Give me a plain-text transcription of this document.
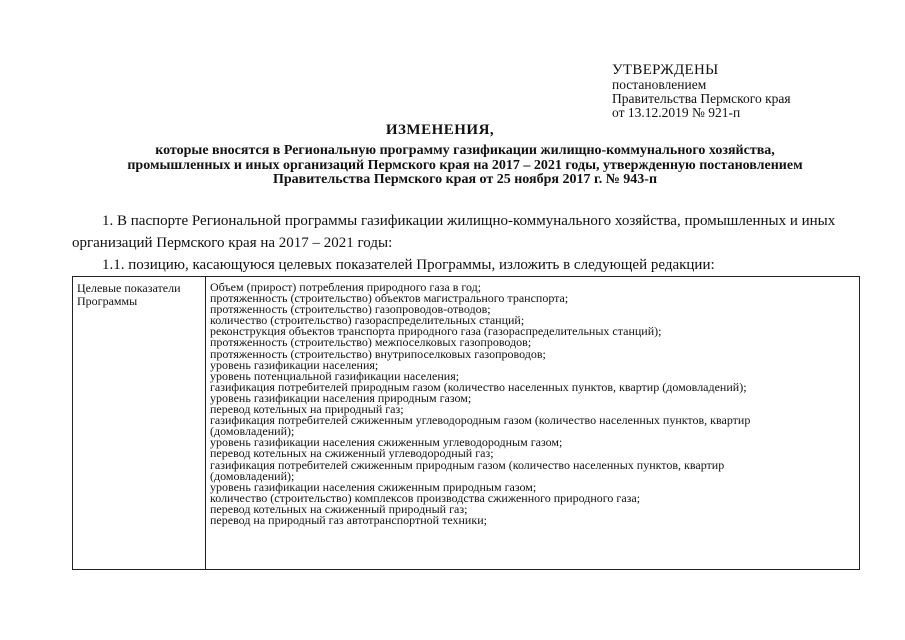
УТВЕРЖДЕНЫ
постановлением
Правительства Пермского края
от 13.12.2019 № 921-п
ИЗМЕНЕНИЯ,
которые вносятся в Региональную программу газификации жилищно-коммунального хозяйства,
промышленных и иных организаций Пермского края на 2017 – 2021 годы, утвержденную постановлением
Правительства Пермского края от 25 ноября 2017 г. № 943-п
1. В паспорте Региональной программы газификации жилищно-коммунального хозяйства, промышленных и иных
организаций Пермского края на 2017 – 2021 годы:
1.1. позицию, касающуюся целевых показателей Программы, изложить в следующей редакции:
Целевые показатели
Программы
Объем (прирост) потребления природного газа в год;
протяженность (строительство) объектов магистрального транспорта;
протяженность (строительство) газопроводов-отводов;
количество (строительство) газораспределительных станций;
реконструкция объектов транспорта природного газа (газораспределительных станций);
протяженность (строительство) межпоселковых газопроводов;
протяженность (строительство) внутрипоселковых газопроводов;
уровень газификации населения;
уровень потенциальной газификации населения;
газификация потребителей природным газом (количество населенных пунктов, квартир (домовладений);
уровень газификации населения природным газом;
перевод котельных на природный газ;
газификация потребителей сжиженным углеводородным газом (количество населенных пунктов, квартир
(домовладений);
уровень газификации населения сжиженным углеводородным газом;
перевод котельных на сжиженный углеводородный газ;
газификация потребителей сжиженным природным газом (количество населенных пунктов, квартир
(домовладений);
уровень газификации населения сжиженным природным газом;
количество (строительство) комплексов производства сжиженного природного газа;
перевод котельных на сжиженный природный газ;
перевод на природный газ автотранспортной техники;
